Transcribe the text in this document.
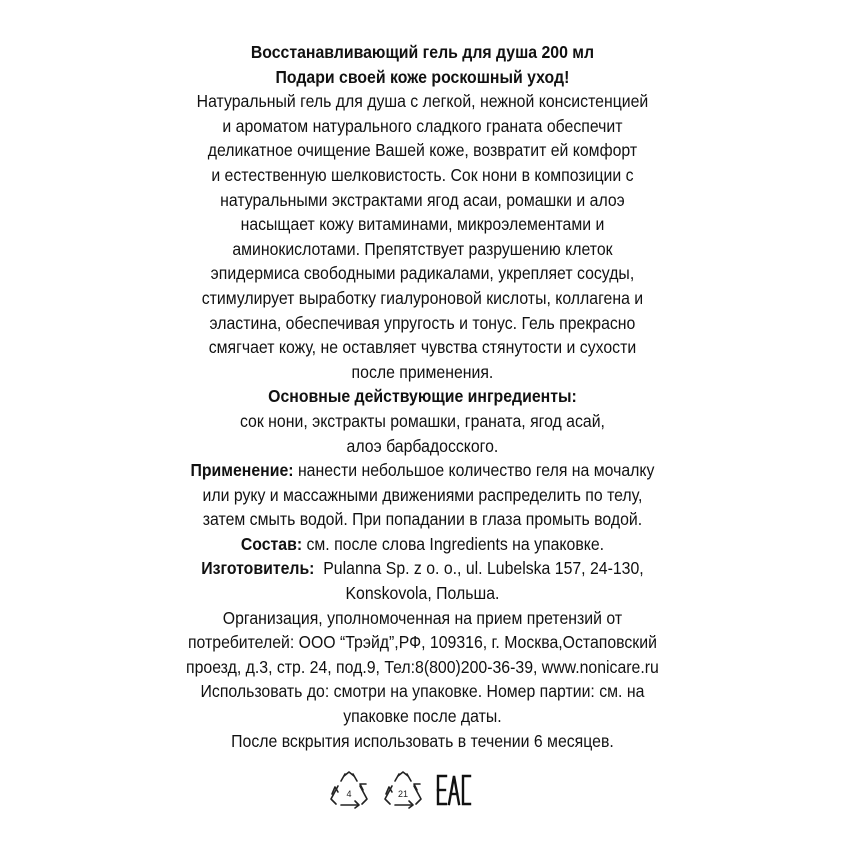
Восстанавливающий гель для душа 200 мл
Подари своей коже роскошный уход!
Натуральный гель для душа с легкой, нежной консистенцией
и ароматом натурального сладкого граната обеспечит
деликатное очищение Вашей коже, возвратит ей комфорт
и естественную шелковистость. Сок нони в композиции с
натуральными экстрактами ягод асаи, ромашки и алоэ
насыщает кожу витаминами, микроэлементами и
аминокислотами. Препятствует разрушению клеток
эпидермиса свободными радикалами, укрепляет сосуды,
стимулирует выработку гиалуроновой кислоты, коллагена и
эластина, обеспечивая упругость и тонус. Гель прекрасно
смягчает кожу, не оставляет чувства стянутости и сухости
после применения.
Основные действующие ингредиенты:
сок нони, экстракты ромашки, граната, ягод асай,
алоэ барбадосского.
Применение: нанести небольшое количество геля на мочалку
или руку и массажными движениями распределить по телу,
затем смыть водой. При попадании в глаза промыть водой.
Состав: см. после слова Ingredients на упаковке.
Изготовитель:  Pulanna Sp. z o. o., ul. Lubelska 157, 24-130,
Konskovola, Польша.
Организация, уполномоченная на прием претензий от
потребителей: ООО “Трэйд”,РФ, 109316, г. Москва,Остаповский
проезд, д.3, стр. 24, под.9, Тел:8(800)200-36-39, www.nonicare.ru
Использовать до: смотри на упаковке. Номер партии: см. на
упаковке после даты.
После вскрытия использовать в течении 6 месяцев.
4	21
